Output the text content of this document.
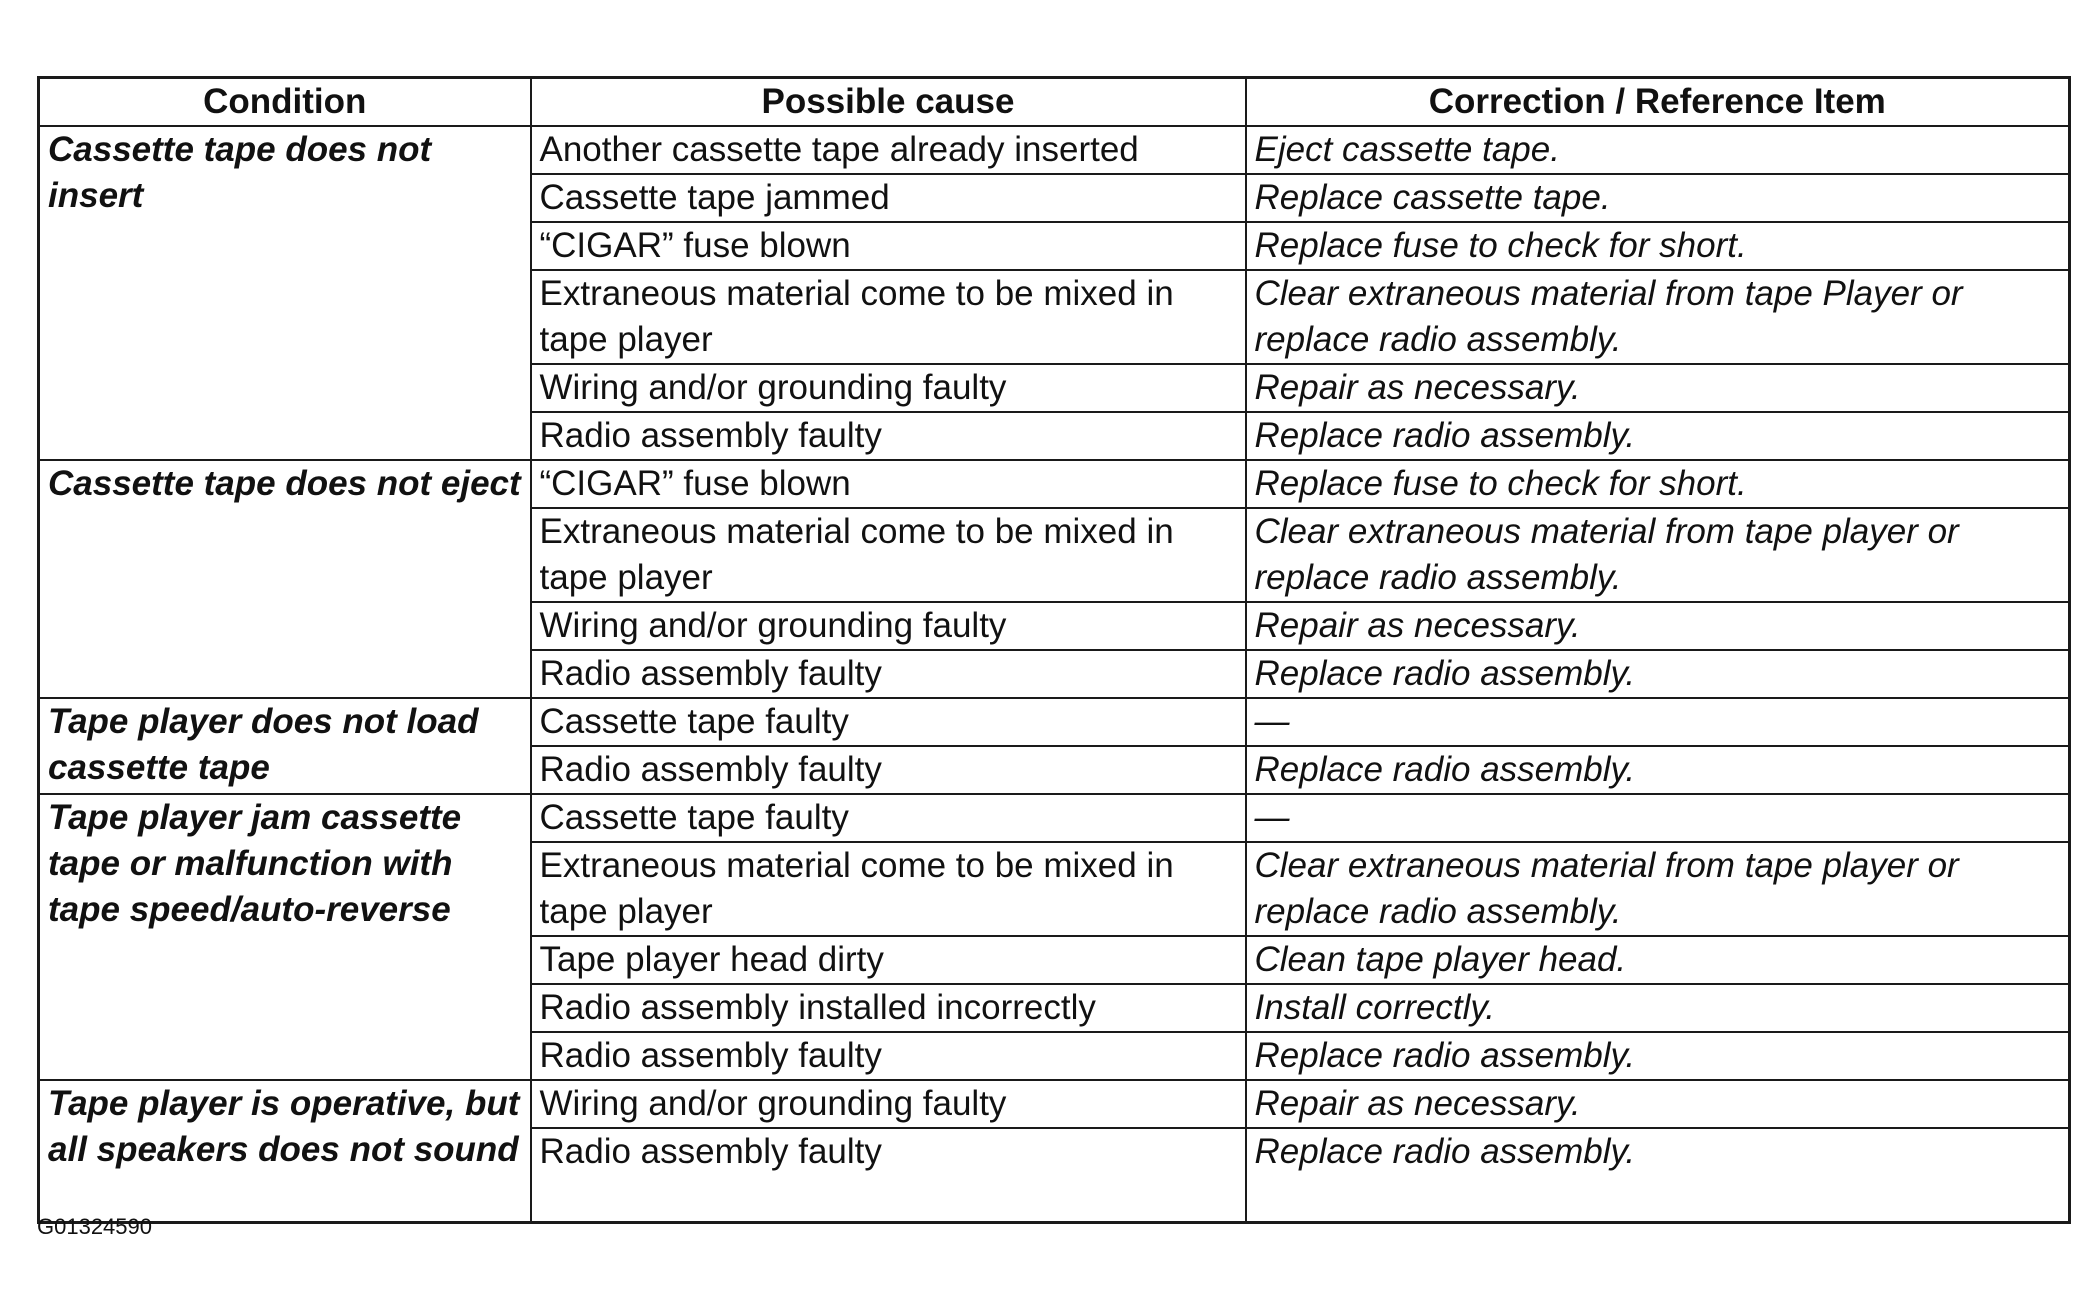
Condition	Possible cause	Correction / Reference Item
Cassette tape does not insert	Another cassette tape already inserted	Eject cassette tape.
	Cassette tape jammed	Replace cassette tape.
	“CIGAR” fuse blown	Replace fuse to check for short.
	Extraneous material come to be mixed in tape player	Clear extraneous material from tape Player or replace radio assembly.
	Wiring and/or grounding faulty	Repair as necessary.
	Radio assembly faulty	Replace radio assembly.
Cassette tape does not eject	“CIGAR” fuse blown	Replace fuse to check for short.
	Extraneous material come to be mixed in tape player	Clear extraneous material from tape player or replace radio assembly.
	Wiring and/or grounding faulty	Repair as necessary.
	Radio assembly faulty	Replace radio assembly.
Tape player does not load cassette tape	Cassette tape faulty	—
	Radio assembly faulty	Replace radio assembly.
Tape player jam cassette tape or malfunction with tape speed/auto-reverse	Cassette tape faulty	—
	Extraneous material come to be mixed in tape player	Clear extraneous material from tape player or replace radio assembly.
	Tape player head dirty	Clean tape player head.
	Radio assembly installed incorrectly	Install correctly.
	Radio assembly faulty	Replace radio assembly.
Tape player is operative, but all speakers does not sound	Wiring and/or grounding faulty	Repair as necessary.
	Radio assembly faulty	Replace radio assembly.
G01324590
